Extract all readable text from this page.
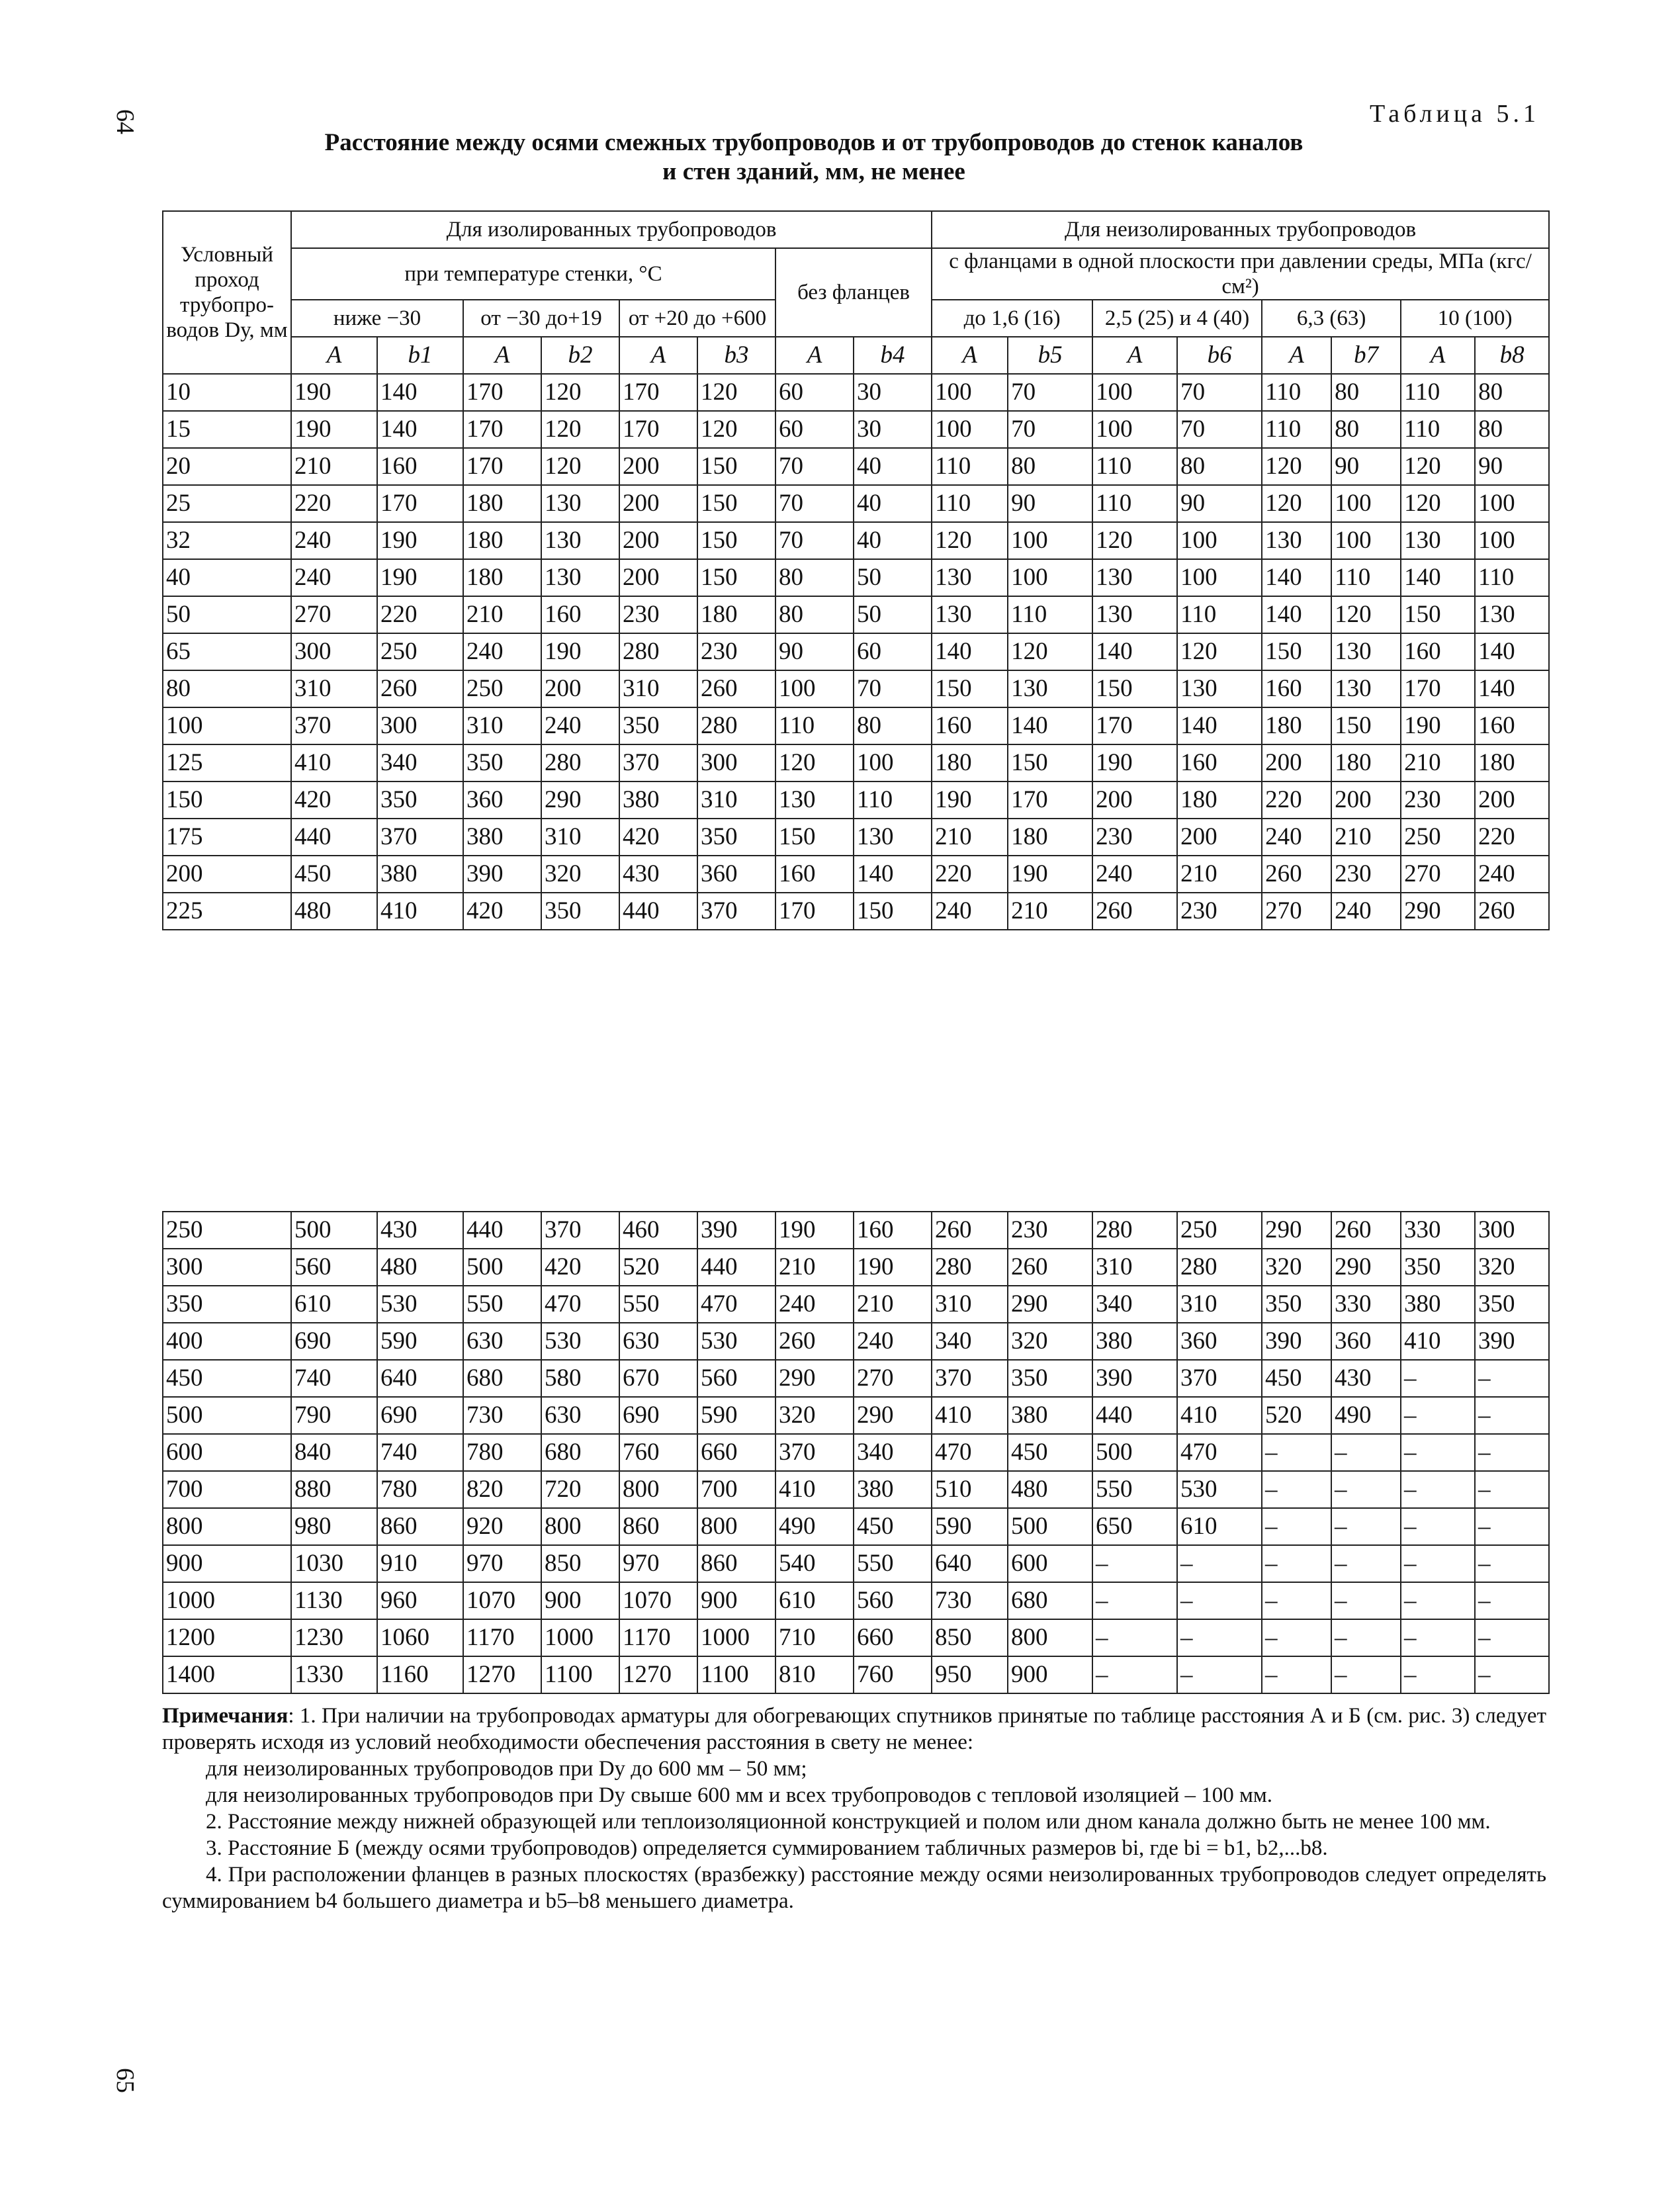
64	Таблица 5.1
Расстояние между осями смежных трубопроводов и от трубопроводов до стенок каналов
и стен зданий, мм, не менее
Условный проход трубопро-водов Dу, мм	Для изолированных трубопроводов								Для неизолированных трубопроводов							
	при температуре стенки, °С						без фланцев		с фланцами в одной плоскости при давлении среды, МПа (кгс/см²)							
	ниже −30		от −30 до+19		от +20 до +600				до 1,6 (16)		2,5 (25) и 4 (40)		6,3 (63)		10 (100)	
	A	b1	A	b2	A	b3	A	b4	A	b5	A	b6	A	b7	A	b8
10	190	140	170	120	170	120	60	30	100	70	100	70	110	80	110	80
15	190	140	170	120	170	120	60	30	100	70	100	70	110	80	110	80
20	210	160	170	120	200	150	70	40	110	80	110	80	120	90	120	90
25	220	170	180	130	200	150	70	40	110	90	110	90	120	100	120	100
32	240	190	180	130	200	150	70	40	120	100	120	100	130	100	130	100
40	240	190	180	130	200	150	80	50	130	100	130	100	140	110	140	110
50	270	220	210	160	230	180	80	50	130	110	130	110	140	120	150	130
65	300	250	240	190	280	230	90	60	140	120	140	120	150	130	160	140
80	310	260	250	200	310	260	100	70	150	130	150	130	160	130	170	140
100	370	300	310	240	350	280	110	80	160	140	170	140	180	150	190	160
125	410	340	350	280	370	300	120	100	180	150	190	160	200	180	210	180
150	420	350	360	290	380	310	130	110	190	170	200	180	220	200	230	200
175	440	370	380	310	420	350	150	130	210	180	230	200	240	210	250	220
200	450	380	390	320	430	360	160	140	220	190	240	210	260	230	270	240
225	480	410	420	350	440	370	170	150	240	210	260	230	270	240	290	260
250	500	430	440	370	460	390	190	160	260	230	280	250	290	260	330	300
300	560	480	500	420	520	440	210	190	280	260	310	280	320	290	350	320
350	610	530	550	470	550	470	240	210	310	290	340	310	350	330	380	350
400	690	590	630	530	630	530	260	240	340	320	380	360	390	360	410	390
450	740	640	680	580	670	560	290	270	370	350	390	370	450	430	–	–
500	790	690	730	630	690	590	320	290	410	380	440	410	520	490	–	–
600	840	740	780	680	760	660	370	340	470	450	500	470	–	–	–	–
700	880	780	820	720	800	700	410	380	510	480	550	530	–	–	–	–
800	980	860	920	800	860	800	490	450	590	500	650	610	–	–	–	–
900	1030	910	970	850	970	860	540	550	640	600	–	–	–	–	–	–
1000	1130	960	1070	900	1070	900	610	560	730	680	–	–	–	–	–	–
1200	1230	1060	1170	1000	1170	1000	710	660	850	800	–	–	–	–	–	–
1400	1330	1160	1270	1100	1270	1100	810	760	950	900	–	–	–	–	–	–

Примечания: 1. При наличии на трубопроводах арматуры для обогревающих спутников принятые по таблице расстояния А и Б (см. рис. 3) следует проверять исходя из условий необходимости обеспечения расстояния в свету не менее:

для неизолированных трубопроводов при Dу до 600 мм – 50 мм;

для неизолированных трубопроводов при Dу свыше 600 мм и всех трубопроводов с тепловой изоляцией – 100 мм.

2. Расстояние между нижней образующей или теплоизоляционной конструкцией и полом или дном канала должно быть не менее 100 мм.

3. Расстояние Б (между осями трубопроводов) определяется суммированием табличных размеров bi, где bi = b1, b2,...b8.

4. При расположении фланцев в разных плоскостях (вразбежку) расстояние между осями неизолированных трубопроводов следует определять суммированием b4 большего диаметра и b5–b8 меньшего диаметра.

65
